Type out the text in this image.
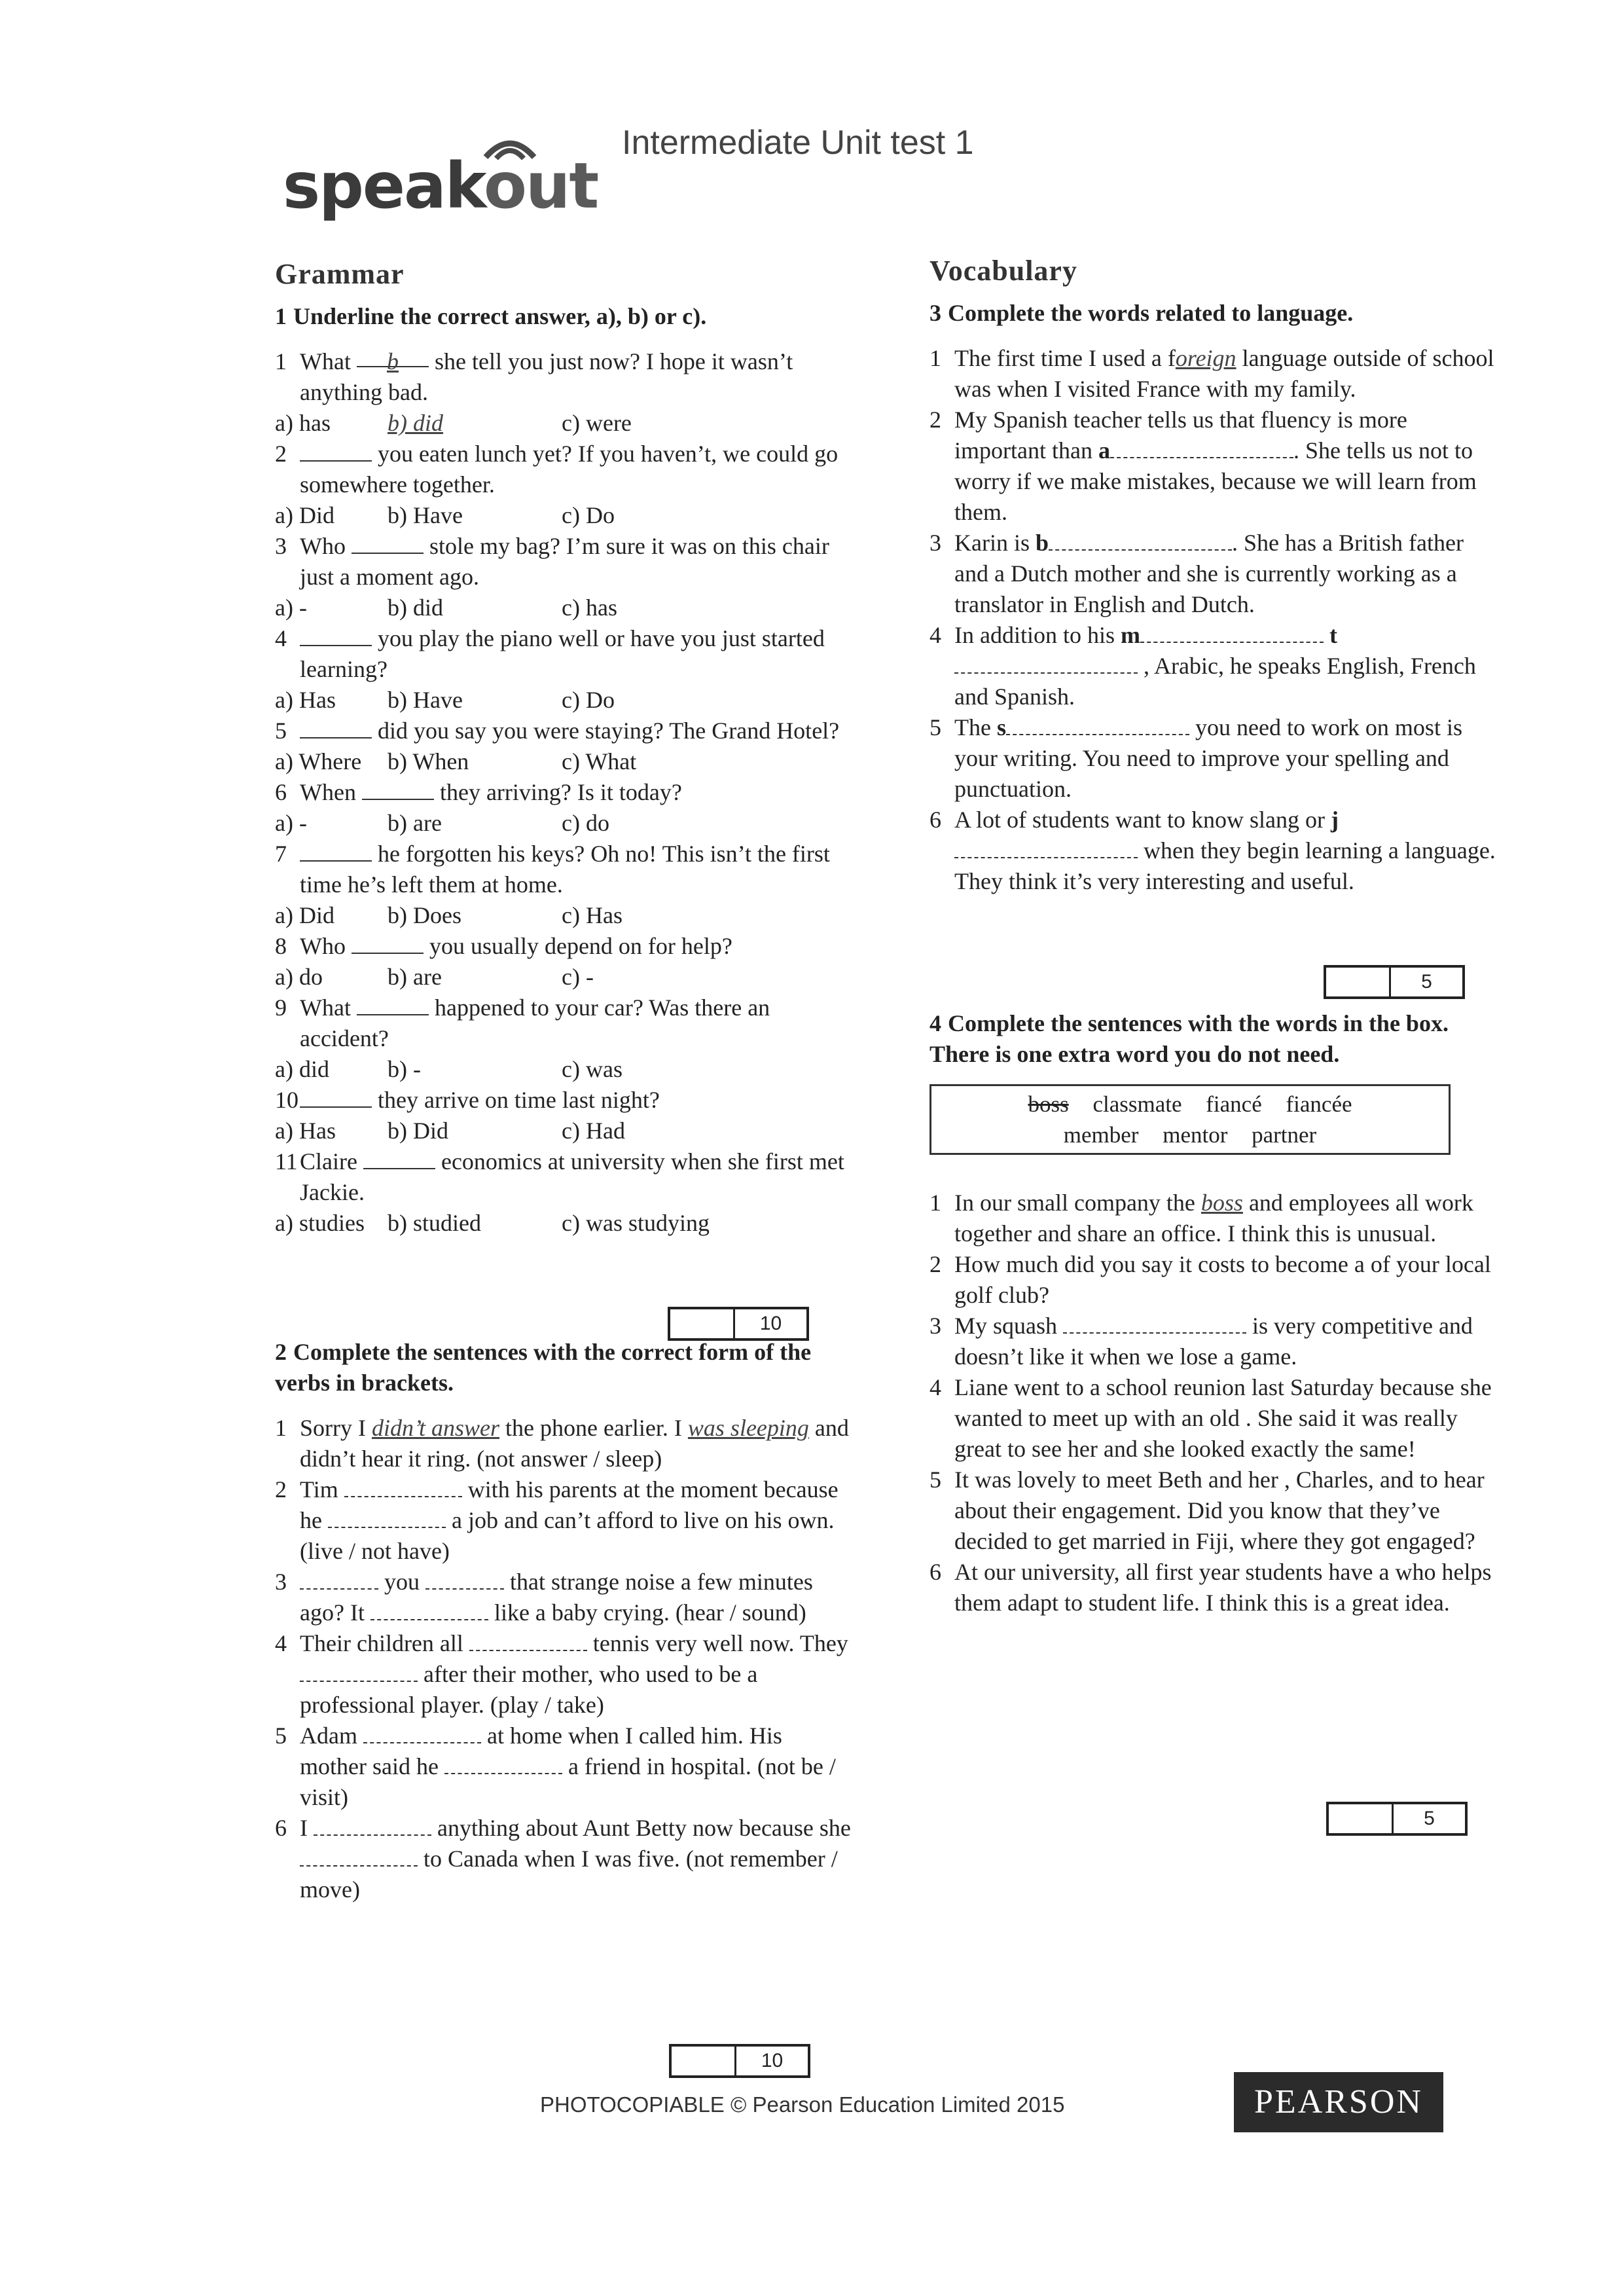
speakout
Intermediate Unit test 1
Grammar
1 Underline the correct answer, a), b) or c).
1 What b she tell you just now? I hope it wasn’t anything bad.
a) has	b) did	c) were
2	you eaten lunch yet? If you haven’t, we could go somewhere together.
a) Did	b) Have	c) Do
3 Who	stole my bag? I’m sure it was on this chair just a moment ago.
a) -	b) did	c) has
4	you play the piano well or have you just started learning?
a) Has	b) Have	c) Do
5	did you say you were staying? The Grand Hotel?
a) Where	b) When	c) What
6 When	they arriving? Is it today?
a) -	b) are	c) do
7	he forgotten his keys? Oh no! This isn’t the first time he’s left them at home.
a) Did	b) Does	c) Has
8 Who	you usually depend on for help?
a) do	b) are	c) -
9 What	happened to your car? Was there an accident?
a) did	b) -	c) was
10	they arrive on time last night?
a) Has	b) Did	c) Had
11 Claire	economics at university when she first met Jackie.
a) studies b) studied	c) was studying
2 Complete the sentences with the correct form of the verbs in brackets.
1 Sorry I didn’t answer the phone earlier. I was sleeping and didn’t hear it ring. (not answer / sleep)
2 Tim	with his parents at the moment because he	a job and can’t afford to live on his own. (live / not have)
3	you	that strange noise a few minutes ago? It	like a baby crying. (hear / sound)
4 Their children all	tennis very well now. They  after their mother, who used to be a professional player. (play / take)
5 Adam	at home when I called him. His mother said he	a friend in hospital. (not be / visit)
6 I	anything about Aunt Betty now because she  to Canada when I was five. (not remember / move)
10
10
Vocabulary
3 Complete the words related to language.
1 The first time I used a foreign language outside of school was when I visited France with my family.
2 My Spanish teacher tells us that fluency is more important than a	. She tells us not to worry if we make mistakes, because we will learn from them.
3 Karin is b	. She has a British father and a Dutch mother and she is currently working as a translator in English and Dutch.
4 In addition to his m	t , Arabic, he speaks English, French and Spanish.
5 The s	you need to work on most is your writing. You need to improve your spelling and punctuation.
6 A lot of students want to know slang or j when they begin learning a language. They think it’s very interesting and useful.
4 Complete the sentences with the words in the box. There is one extra word you do not need.
boss classmate fiancé fiancée
member mentor partner
1 In our small company the boss and employees all work together and share an office. I think this is unusual.
2 How much did you say it costs to become a of your local golf club?
3 My squash	is very competitive and doesn’t like it when we lose a game.
4 Liane went to a school reunion last Saturday because she wanted to meet up with an old . She said it was really great to see her and she looked exactly the same!
5 It was lovely to meet Beth and her , Charles, and to hear about their engagement. Did you know that they’ve decided to get married in Fiji, where they got engaged?
6 At our university, all first year students have a who helps them adapt to student life. I think this is a great idea.
5
5
PHOTOCOPIABLE © Pearson Education Limited 2015	PEARSON
